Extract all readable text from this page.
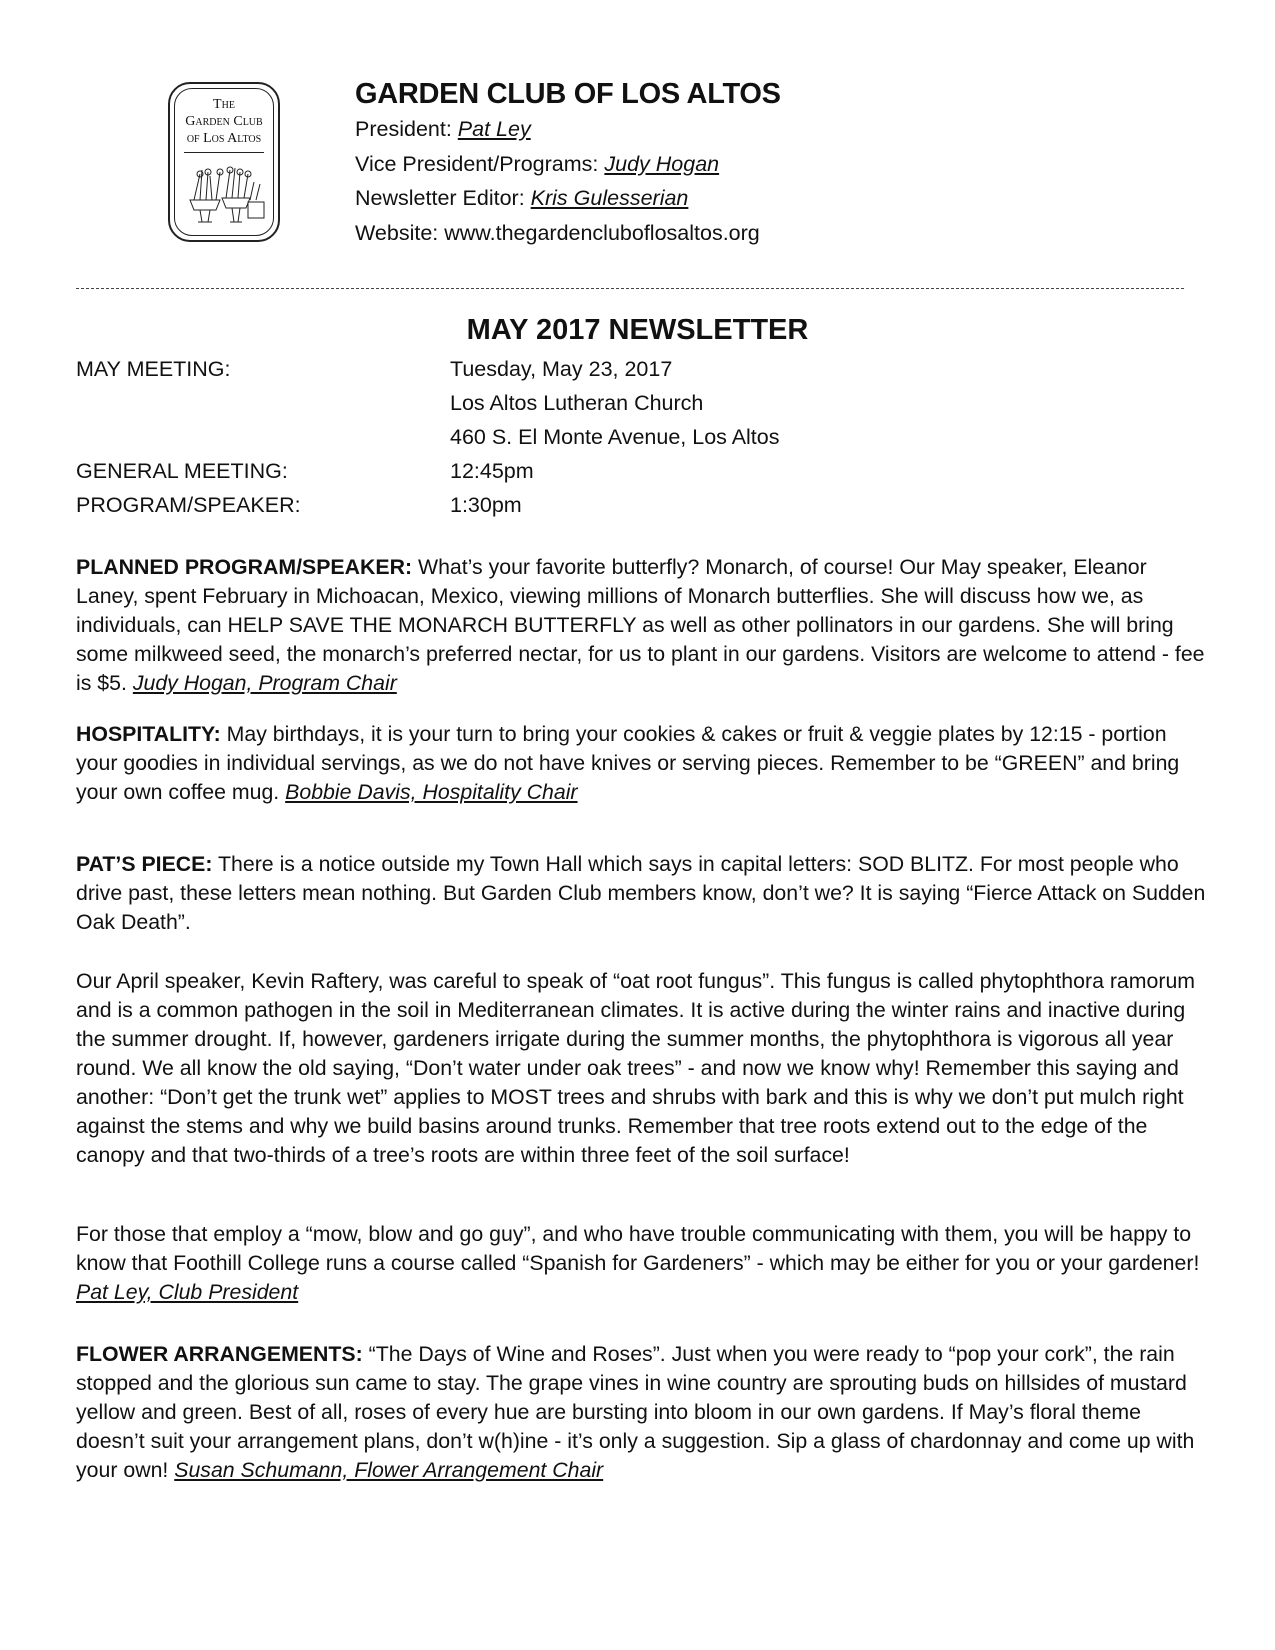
The
Garden Club
of Los Altos
GARDEN CLUB OF LOS ALTOS
President: Pat Ley
Vice President/Programs: Judy Hogan
Newsletter Editor: Kris Gulesserian
Website: www.thegardencluboflosaltos.org
MAY 2017 NEWSLETTER
MAY MEETING:	Tuesday, May 23, 2017
Los Altos Lutheran Church
460 S. El Monte Avenue, Los Altos
GENERAL MEETING:	12:45pm
PROGRAM/SPEAKER:	1:30pm
PLANNED PROGRAM/SPEAKER: What’s your favorite butterfly? Monarch, of course! Our May speaker, Eleanor Laney, spent February in Michoacan, Mexico, viewing millions of Monarch butterflies. She will discuss how we, as individuals, can HELP SAVE THE MONARCH BUTTERFLY as well as other pollinators in our gardens. She will bring some milkweed seed, the monarch’s preferred nectar, for us to plant in our gardens. Visitors are welcome to attend - fee is $5. Judy Hogan, Program Chair
HOSPITALITY: May birthdays, it is your turn to bring your cookies & cakes or fruit & veggie plates by 12:15 - portion your goodies in individual servings, as we do not have knives or serving pieces. Remember to be “GREEN” and bring your own coffee mug. Bobbie Davis, Hospitality Chair
PAT’S PIECE: There is a notice outside my Town Hall which says in capital letters: SOD BLITZ. For most people who drive past, these letters mean nothing. But Garden Club members know, don’t we? It is saying “Fierce Attack on Sudden Oak Death”.
Our April speaker, Kevin Raftery, was careful to speak of “oat root fungus”. This fungus is called phytophthora ramorum and is a common pathogen in the soil in Mediterranean climates. It is active during the winter rains and inactive during the summer drought. If, however, gardeners irrigate during the summer months, the phytophthora is vigorous all year round. We all know the old saying, “Don’t water under oak trees” - and now we know why! Remember this saying and another: “Don’t get the trunk wet” applies to MOST trees and shrubs with bark and this is why we don’t put mulch right against the stems and why we build basins around trunks. Remember that tree roots extend out to the edge of the canopy and that two-thirds of a tree’s roots are within three feet of the soil surface!
For those that employ a “mow, blow and go guy”, and who have trouble communicating with them, you will be happy to know that Foothill College runs a course called “Spanish for Gardeners” - which may be either for you or your gardener! Pat Ley, Club President
FLOWER ARRANGEMENTS: “The Days of Wine and Roses”. Just when you were ready to “pop your cork”, the rain stopped and the glorious sun came to stay. The grape vines in wine country are sprouting buds on hillsides of mustard yellow and green. Best of all, roses of every hue are bursting into bloom in our own gardens. If May’s floral theme doesn’t suit your arrangement plans, don’t w(h)ine - it’s only a suggestion. Sip a glass of chardonnay and come up with your own! Susan Schumann, Flower Arrangement Chair
